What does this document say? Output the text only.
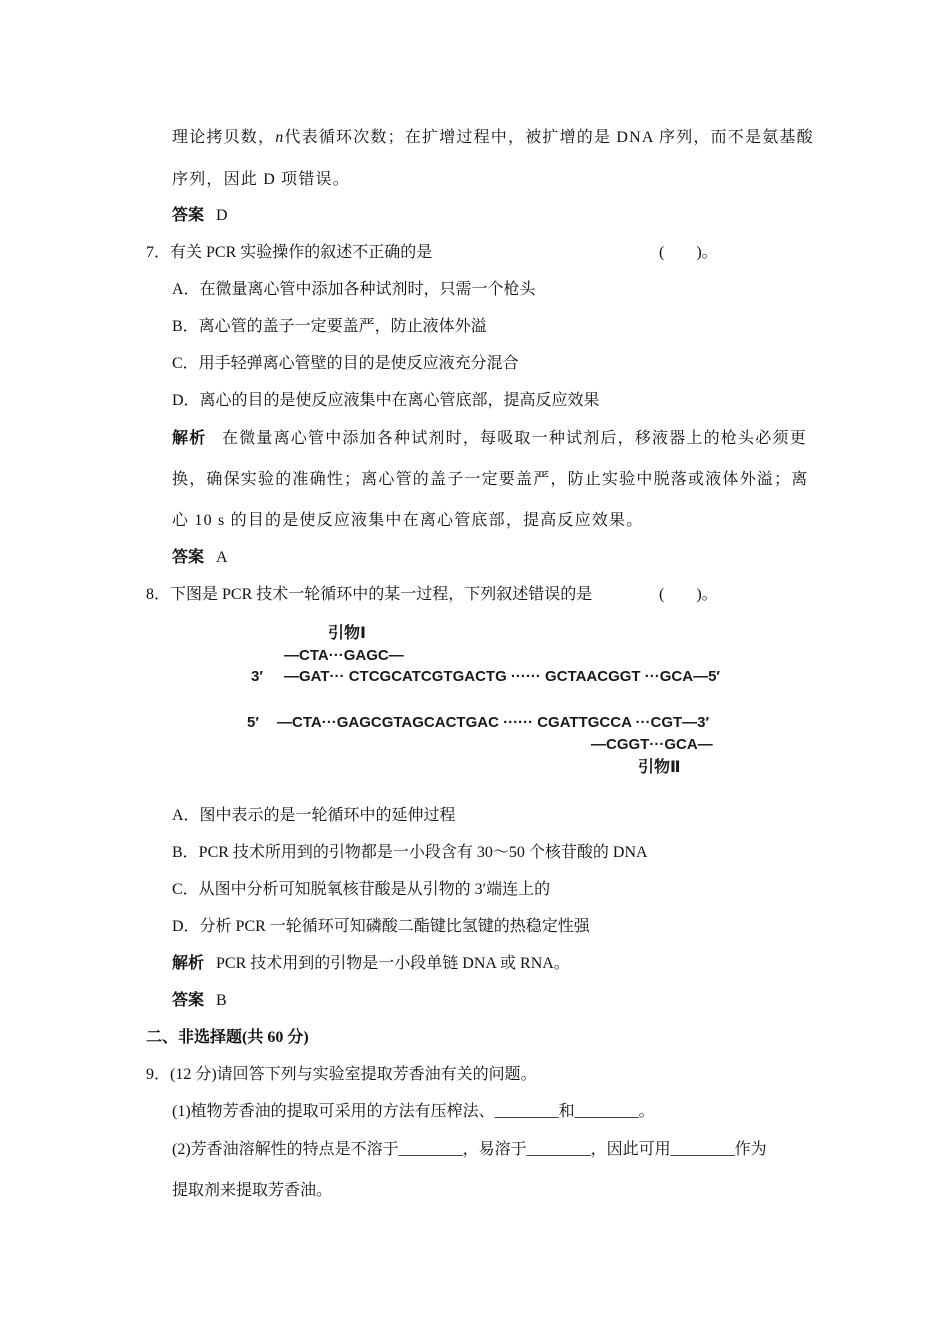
理论拷贝数，n代表循环次数；在扩增过程中，被扩增的是 DNA 序列，而不是氨基酸
序列，因此 D 项错误。
答案 D
7．有关 PCR 实验操作的叙述不正确的是	(　　)。
A．在微量离心管中添加各种试剂时，只需一个枪头
B．离心管的盖子一定要盖严，防止液体外溢
C．用手轻弹离心管壁的目的是使反应液充分混合
D．离心的目的是使反应液集中在离心管底部，提高反应效果
解析 在微量离心管中添加各种试剂时，每吸取一种试剂后，移液器上的枪头必须更
换，确保实验的准确性；离心管的盖子一定要盖严，防止实验中脱落或液体外溢；离
心 10 s 的目的是使反应液集中在离心管底部，提高反应效果。
答案 A
8．下图是 PCR 技术一轮循环中的某一过程，下列叙述错误的是	(　　)。
引物Ⅰ
—CTA···GAGC—
3′ —GAT··· CTCGCATCGTGACTG ······ GCTAACGGT ···GCA—5′
5′ —CTA···GAGCGTAGCACTGAC ······ CGATTGCCA ···CGT—3′
—CGGT···GCA—
引物Ⅱ
A．图中表示的是一轮循环中的延伸过程
B．PCR 技术所用到的引物都是一小段含有 30～50 个核苷酸的 DNA
C．从图中分析可知脱氧核苷酸是从引物的 3′端连上的
D．分析 PCR 一轮循环可知磷酸二酯键比氢键的热稳定性强
解析 PCR 技术用到的引物是一小段单链 DNA 或 RNA。
答案 B
二、非选择题(共 60 分)
9．(12 分)请回答下列与实验室提取芳香油有关的问题。
(1)植物芳香油的提取可采用的方法有压榨法、________和________。
(2)芳香油溶解性的特点是不溶于________，易溶于________，因此可用________作为
提取剂来提取芳香油。
